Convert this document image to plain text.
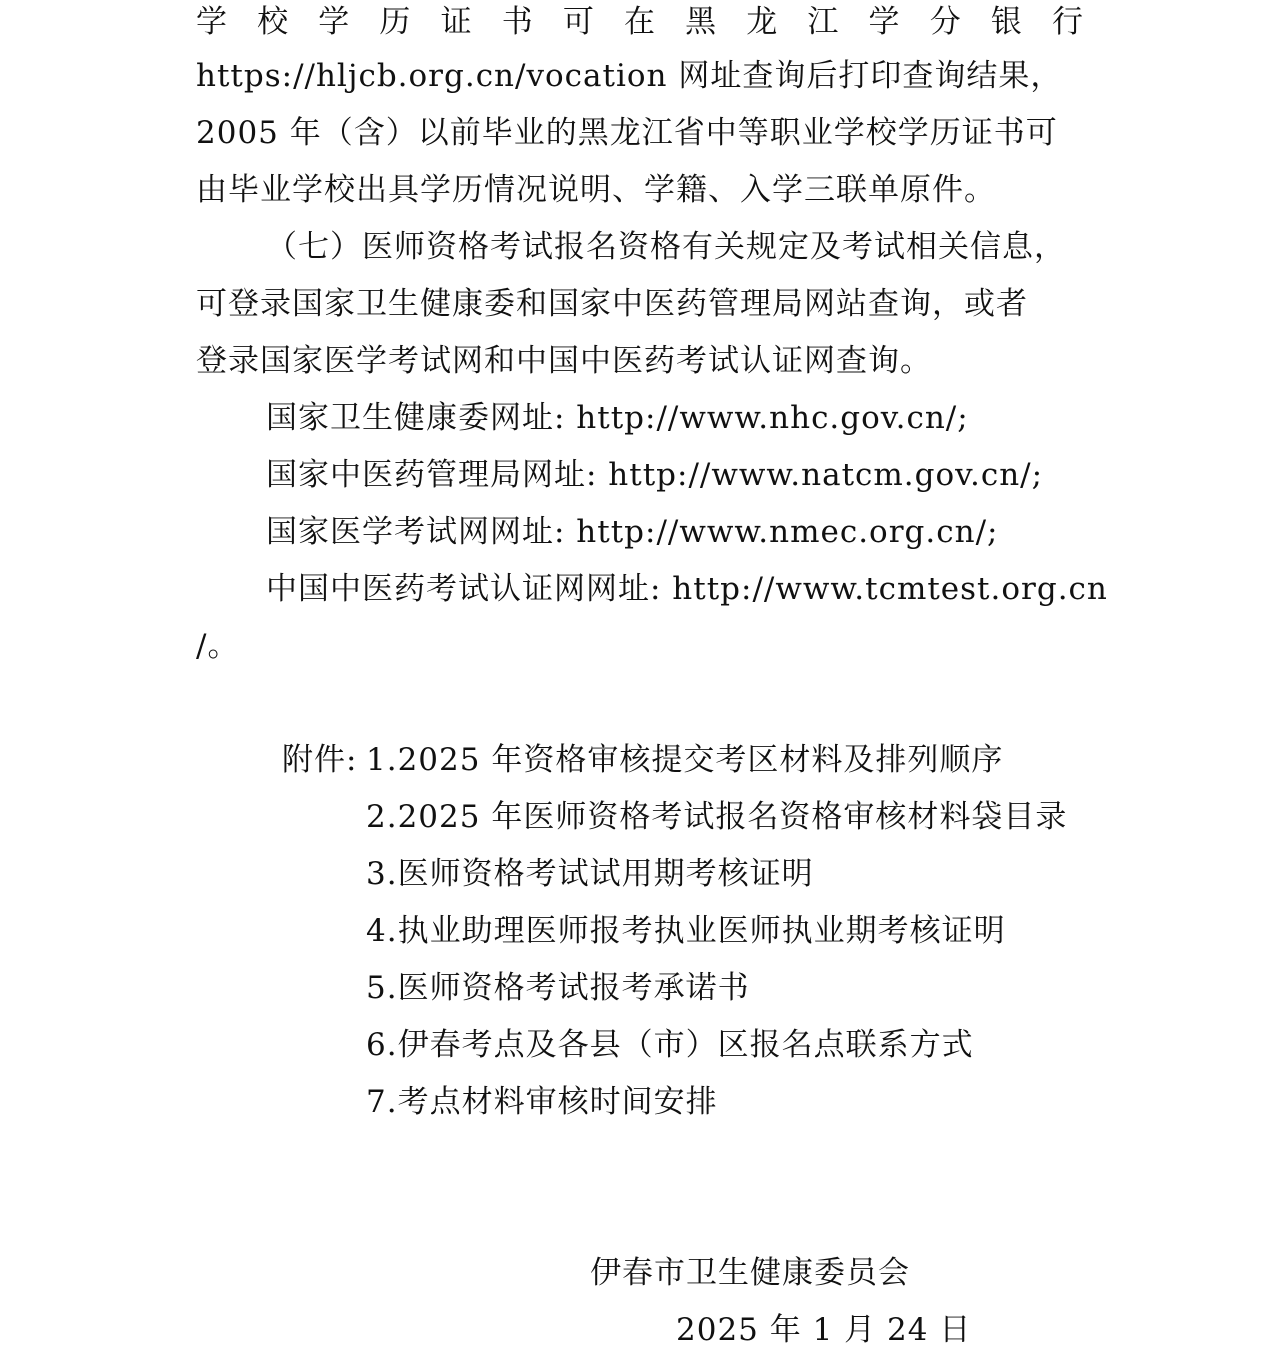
学 校 学 历 证 书 可 在 黑 龙 江 学 分 银 行
https://hljcb.org.cn/vocation 网址查询后打印查询结果，
2005 年（含）以前毕业的黑龙江省中等职业学校学历证书可
由毕业学校出具学历情况说明、学籍、入学三联单原件。
（七）医师资格考试报名资格有关规定及考试相关信息，
可登录国家卫生健康委和国家中医药管理局网站查询，或者
登录国家医学考试网和中国中医药考试认证网查询。
国家卫生健康委网址: http://www.nhc.gov.cn/;
国家中医药管理局网址: http://www.natcm.gov.cn/;
国家医学考试网网址: http://www.nmec.org.cn/;
中国中医药考试认证网网址: http://www.tcmtest.org.cn
/。
附件: 1.2025 年资格审核提交考区材料及排列顺序
2.2025 年医师资格考试报名资格审核材料袋目录
3.医师资格考试试用期考核证明
4.执业助理医师报考执业医师执业期考核证明
5.医师资格考试报考承诺书
6.伊春考点及各县（市）区报名点联系方式
7.考点材料审核时间安排
伊春市卫生健康委员会
2025 年 1 月 24 日
